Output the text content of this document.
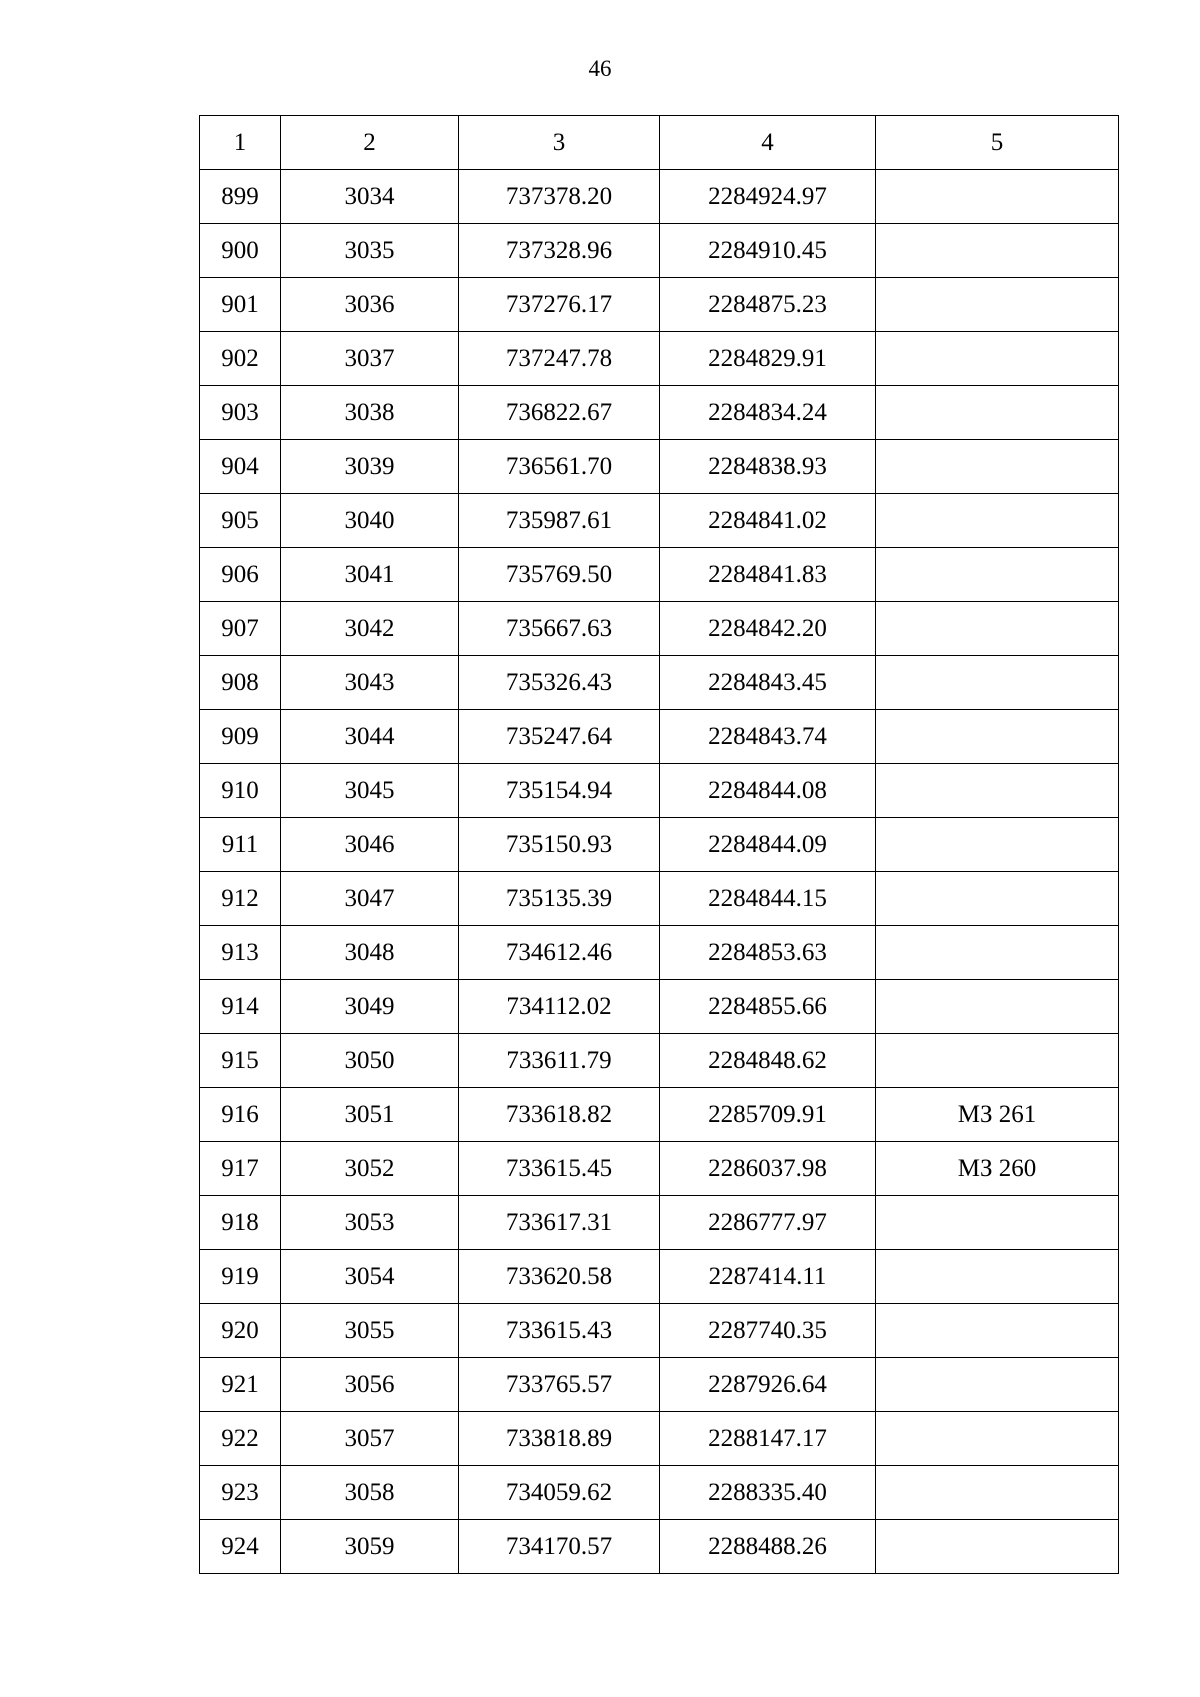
46
1	2	3	4	5
899	3034	737378.20	2284924.97	
900	3035	737328.96	2284910.45	
901	3036	737276.17	2284875.23	
902	3037	737247.78	2284829.91	
903	3038	736822.67	2284834.24	
904	3039	736561.70	2284838.93	
905	3040	735987.61	2284841.02	
906	3041	735769.50	2284841.83	
907	3042	735667.63	2284842.20	
908	3043	735326.43	2284843.45	
909	3044	735247.64	2284843.74	
910	3045	735154.94	2284844.08	
911	3046	735150.93	2284844.09	
912	3047	735135.39	2284844.15	
913	3048	734612.46	2284853.63	
914	3049	734112.02	2284855.66	
915	3050	733611.79	2284848.62	
916	3051	733618.82	2285709.91	МЗ 261
917	3052	733615.45	2286037.98	МЗ 260
918	3053	733617.31	2286777.97	
919	3054	733620.58	2287414.11	
920	3055	733615.43	2287740.35	
921	3056	733765.57	2287926.64	
922	3057	733818.89	2288147.17	
923	3058	734059.62	2288335.40	
924	3059	734170.57	2288488.26	
